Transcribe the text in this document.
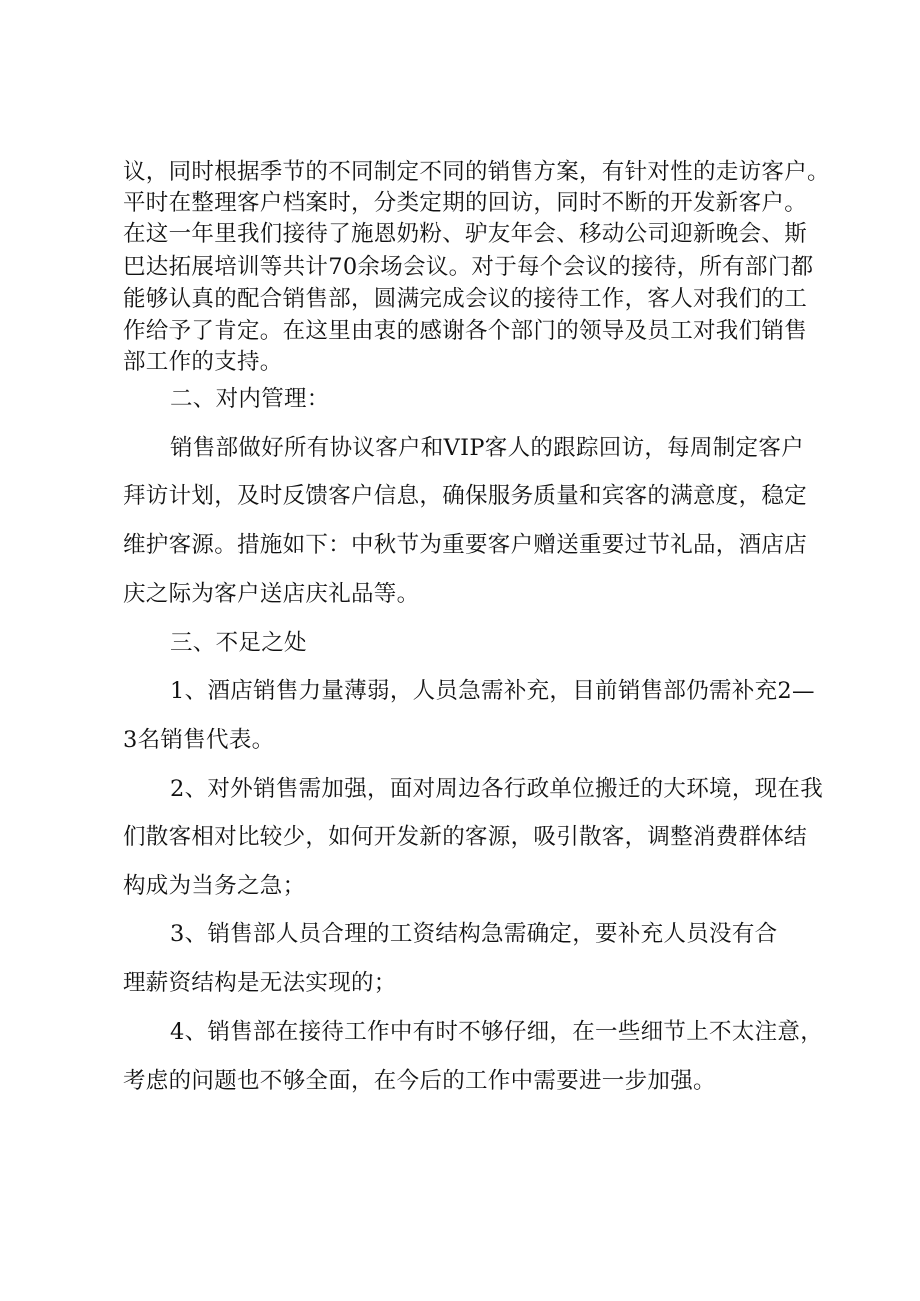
议，同时根据季节的不同制定不同的销售方案，有针对性的走访客户。
平时在整理客户档案时，分类定期的回访，同时不断的开发新客户。
在这一年里我们接待了施恩奶粉、驴友年会、移动公司迎新晚会、斯
巴达拓展培训等共计70余场会议。对于每个会议的接待，所有部门都
能够认真的配合销售部，圆满完成会议的接待工作，客人对我们的工
作给予了肯定。在这里由衷的感谢各个部门的领导及员工对我们销售
部工作的支持。
二、对内管理：
销售部做好所有协议客户和VIP客人的跟踪回访，每周制定客户
拜访计划，及时反馈客户信息，确保服务质量和宾客的满意度，稳定
维护客源。措施如下：中秋节为重要客户赠送重要过节礼品，酒店店
庆之际为客户送店庆礼品等。
三、不足之处
1、酒店销售力量薄弱，人员急需补充，目前销售部仍需补充2—
3名销售代表。
2、对外销售需加强，面对周边各行政单位搬迁的大环境，现在我
们散客相对比较少，如何开发新的客源，吸引散客，调整消费群体结
构成为当务之急；
3、销售部人员合理的工资结构急需确定，要补充人员没有合
理薪资结构是无法实现的；
4、销售部在接待工作中有时不够仔细，在一些细节上不太注意，
考虑的问题也不够全面，在今后的工作中需要进一步加强。
